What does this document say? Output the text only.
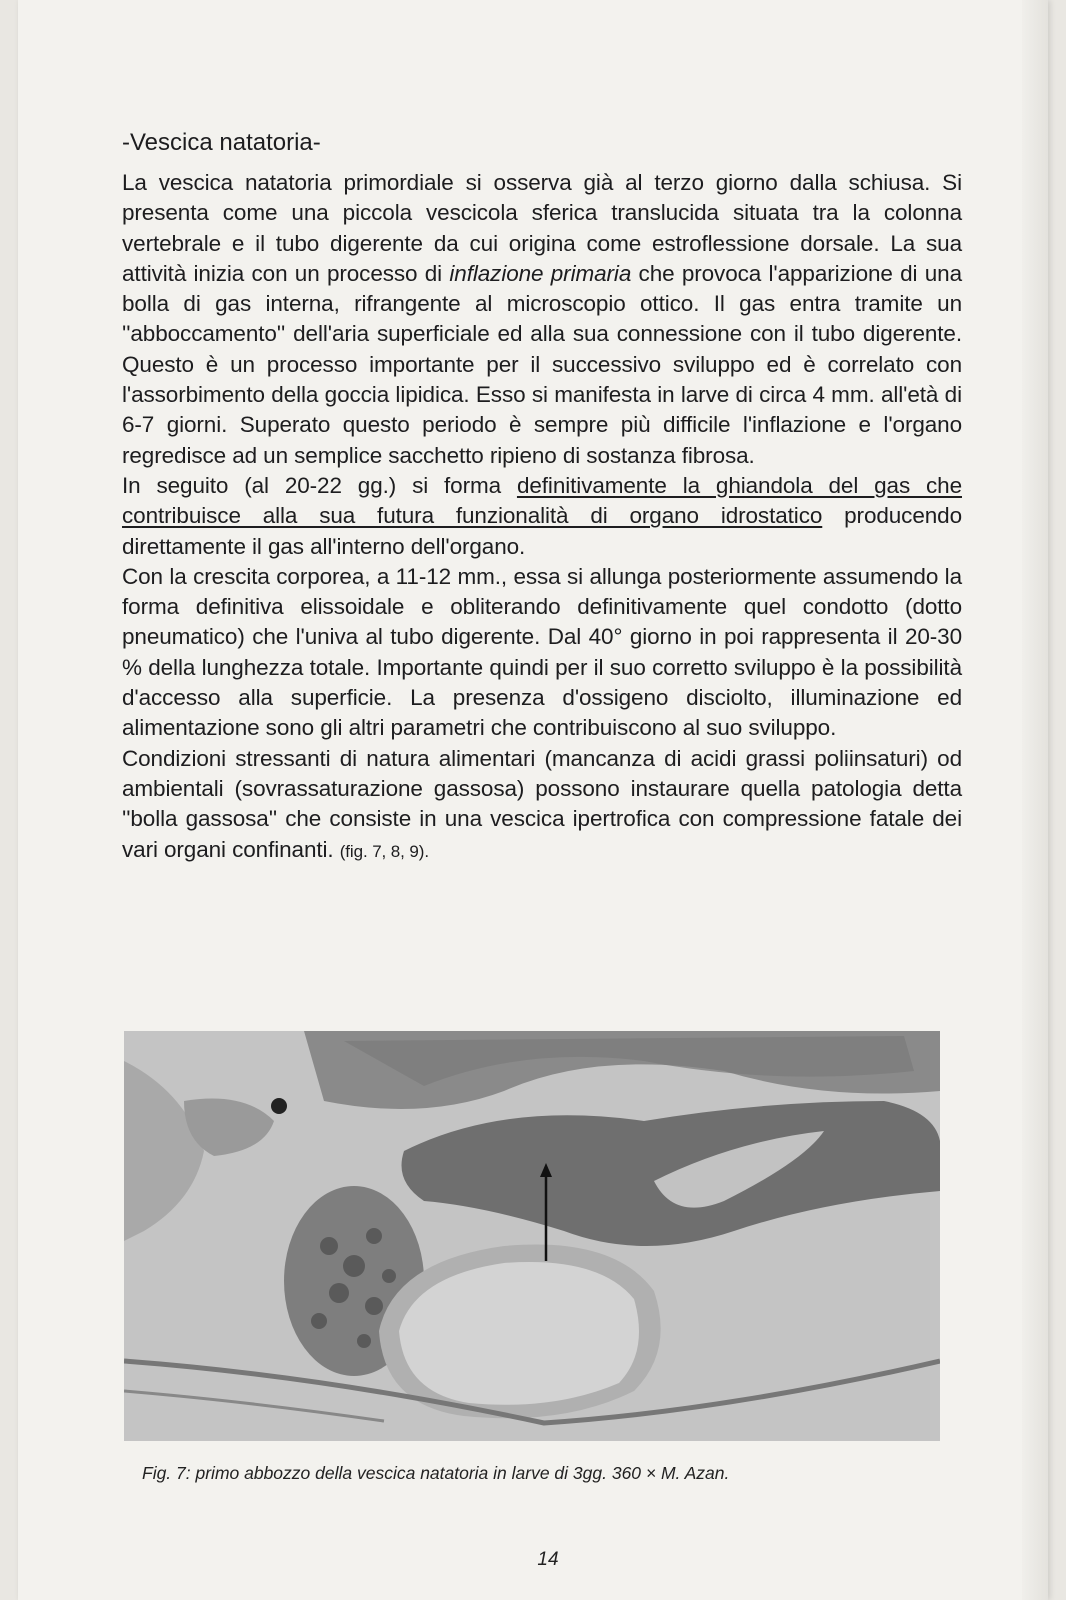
-Vescica natatoria-

La vescica natatoria primordiale si osserva già al terzo giorno dalla schiusa. Si presenta come una piccola vescicola sferica translucida situata tra la colonna vertebrale e il tubo digerente da cui origina come estroflessione dorsale. La sua attività inizia con un processo di inflazione primaria che provoca l'apparizione di una bolla di gas interna, rifrangente al microscopio ottico. Il gas entra tramite un ''abboccamento'' dell'aria superficiale ed alla sua connessione con il tubo digerente. Questo è un processo importante per il successivo sviluppo ed è correlato con l'assorbimento della goccia lipidica. Esso si manifesta in larve di circa 4 mm. all'età di 6-7 giorni. Superato questo periodo è sempre più difficile l'inflazione e l'organo regredisce ad un semplice sacchetto ripieno di sostanza fibrosa.

In seguito (al 20-22 gg.) si forma definitivamente la ghiandola del gas che contribuisce alla sua futura funzionalità di organo idrostatico producendo direttamente il gas all'interno dell'organo.

Con la crescita corporea, a 11-12 mm., essa si allunga posteriormente assumendo la forma definitiva elissoidale e obliterando definitivamente quel condotto (dotto pneumatico) che l'univa al tubo digerente. Dal 40° giorno in poi rappresenta il 20-30 % della lunghezza totale. Importante quindi per il suo corretto sviluppo è la possibilità d'accesso alla superficie. La presenza d'ossigeno disciolto, illuminazione ed alimentazione sono gli altri parametri che contribuiscono al suo sviluppo.

Condizioni stressanti di natura alimentari (mancanza di acidi grassi poliinsaturi) od ambientali (sovrassaturazione gassosa) possono instaurare quella patologia detta ''bolla gassosa'' che consiste in una vescica ipertrofica con compressione fatale dei vari organi confinanti. (fig. 7, 8, 9).

Fig. 7: primo abbozzo della vescica natatoria in larve di 3gg. 360 × M. Azan.
14
